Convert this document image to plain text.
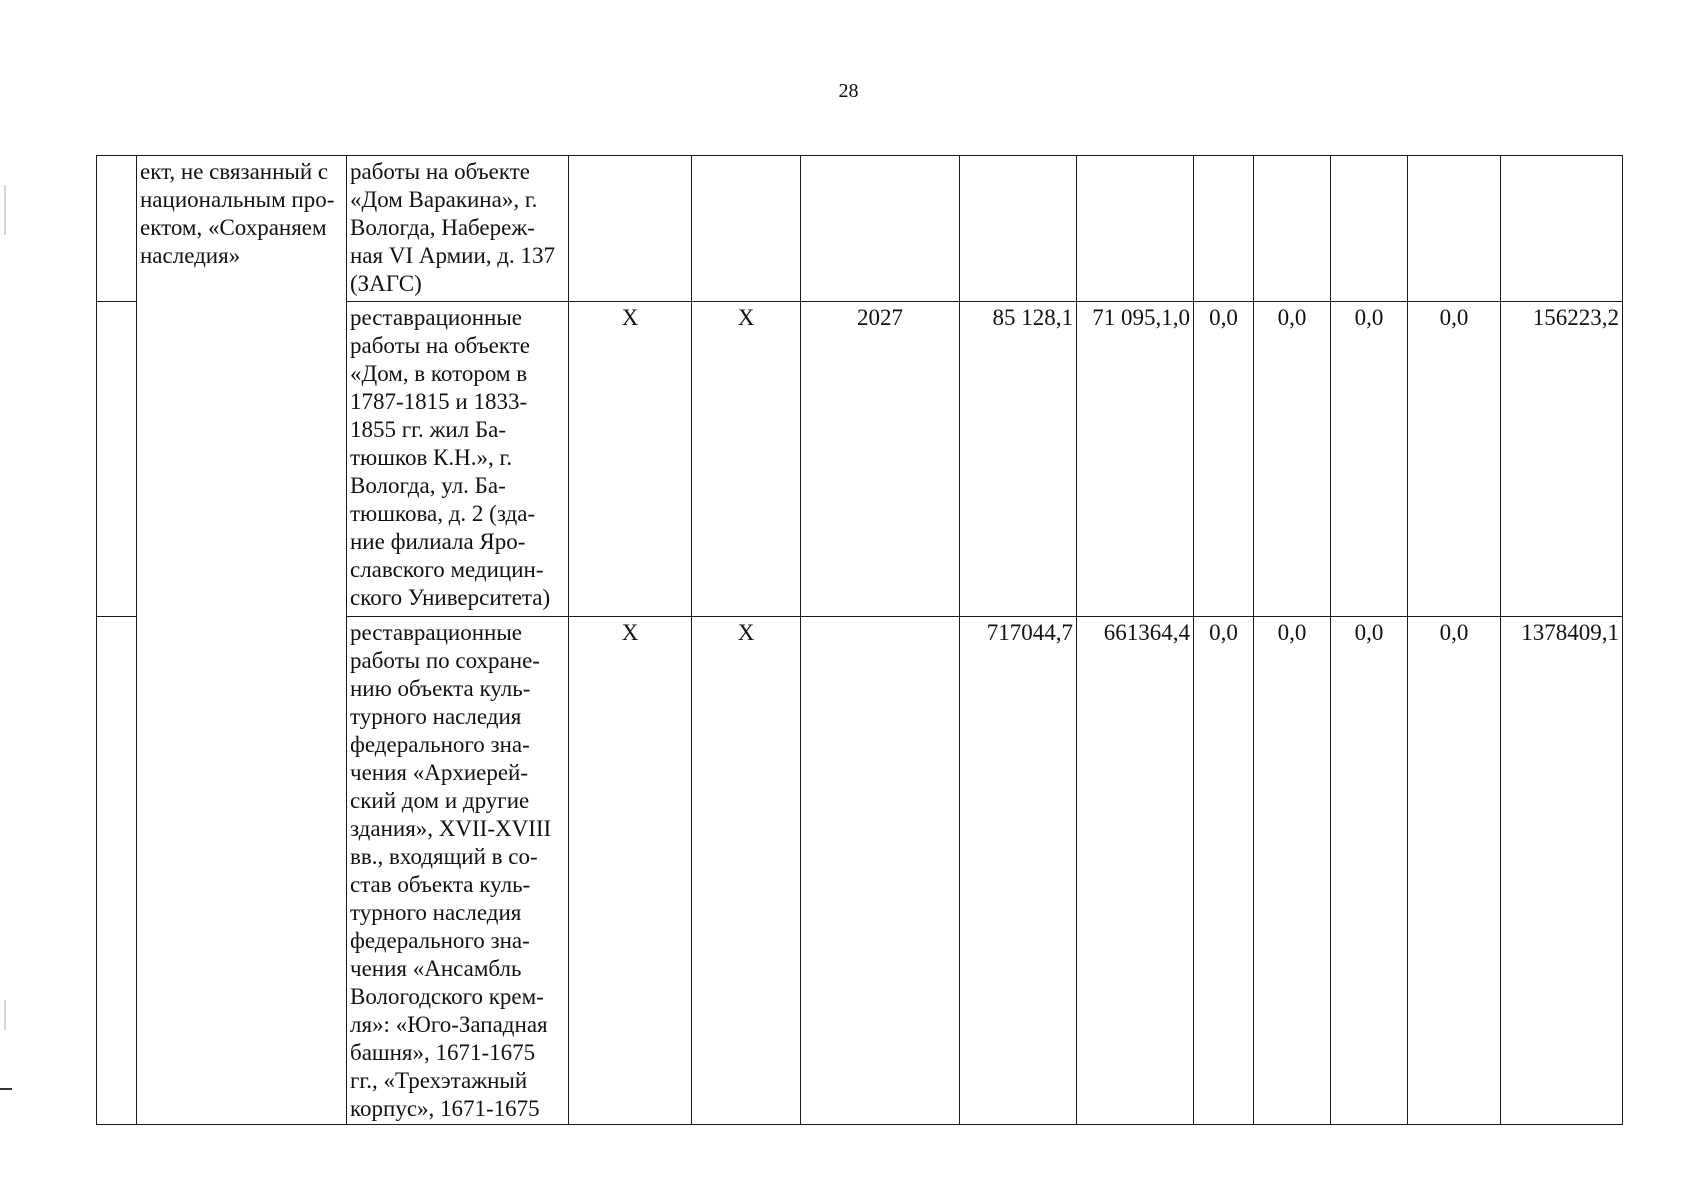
28
	ект, не связанный с национальным про-ектом, «Сохраняем наследия»	работы на объекте «Дом Варакина», г. Вологда, Набереж-ная VI Армии, д. 137 (ЗАГС)										
		реставрационные работы на объекте «Дом, в котором в 1787-1815 и 1833-1855 гг. жил Ба-тюшков К.Н.», г. Вологда, ул. Ба-тюшкова, д. 2 (зда-ние филиала Яро-славского медицин-ского Университета)	X	X	2027	85 128,1	71 095,1,0	0,0	0,0	0,0	0,0	156223,2
		реставрационные работы по сохране-нию объекта куль-турного наследия федерального зна-чения «Архиерей-ский дом и другие здания», XVII-XVIII вв., входящий в со-став объекта куль-турного наследия федерального зна-чения «Ансамбль Вологодского крем-ля»: «Юго-Западная башня», 1671-1675 гг., «Трехэтажный корпус», 1671-1675	X	X		717044,7	661364,4	0,0	0,0	0,0	0,0	1378409,1
